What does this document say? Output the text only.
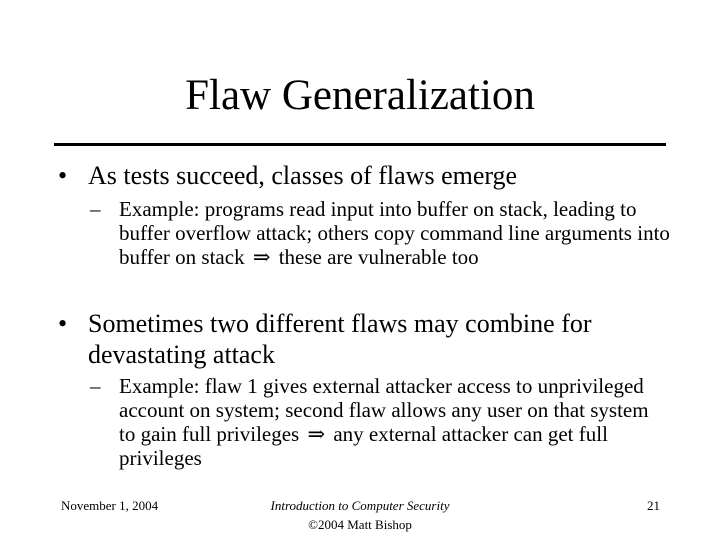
Flaw Generalization
• As tests succeed, classes of flaws emerge
– Example: programs read input into buffer on stack, leading to buffer overflow attack; others copy command line arguments into buffer on stack ⇒ these are vulnerable too
• Sometimes two different flaws may combine for devastating attack
– Example: flaw 1 gives external attacker access to unprivileged account on system; second flaw allows any user on that system to gain full privileges ⇒ any external attacker can get full privileges
November 1, 2004	Introduction to Computer Security
©2004 Matt Bishop
21
